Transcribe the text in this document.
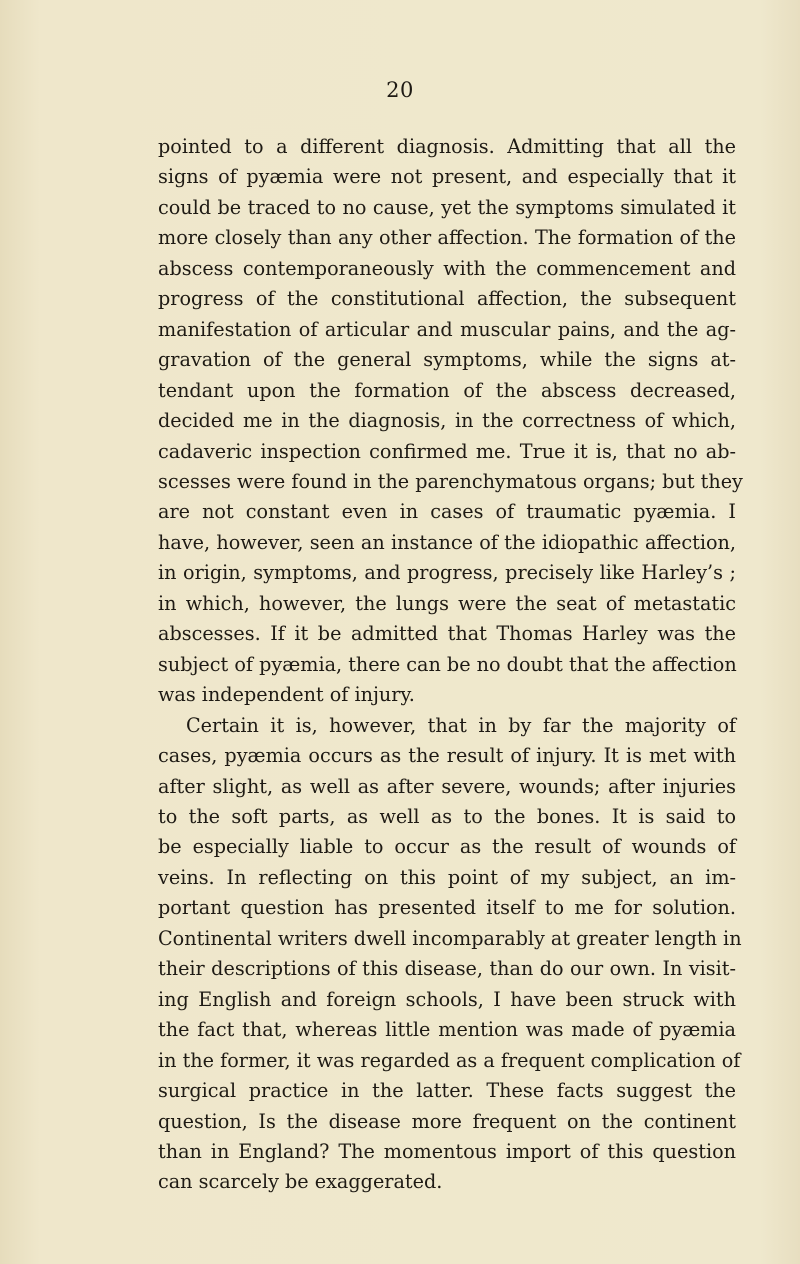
20
pointed to a different diagnosis. Admitting that all the
signs of pyæmia were not present, and especially that it
could be traced to no cause, yet the symptoms simulated it
more closely than any other affection. The formation of the
abscess contemporaneously with the commencement and
progress of the constitutional affection, the subsequent
manifestation of articular and muscular pains, and the ag-
gravation of the general symptoms, while the signs at-
tendant upon the formation of the abscess decreased,
decided me in the diagnosis, in the correctness of which,
cadaveric inspection confirmed me. True it is, that no ab-
scesses were found in the parenchymatous organs; but they
are not constant even in cases of traumatic pyæmia. I
have, however, seen an instance of the idiopathic affection,
in origin, symptoms, and progress, precisely like Harley’s ;
in which, however, the lungs were the seat of metastatic
abscesses. If it be admitted that Thomas Harley was the
subject of pyæmia, there can be no doubt that the affection
was independent of injury.
Certain it is, however, that in by far the majority of
cases, pyæmia occurs as the result of injury. It is met with
after slight, as well as after severe, wounds; after injuries
to the soft parts, as well as to the bones. It is said to
be especially liable to occur as the result of wounds of
veins. In reflecting on this point of my subject, an im-
portant question has presented itself to me for solution.
Continental writers dwell incomparably at greater length in
their descriptions of this disease, than do our own. In visit-
ing English and foreign schools, I have been struck with
the fact that, whereas little mention was made of pyæmia
in the former, it was regarded as a frequent complication of
surgical practice in the latter. These facts suggest the
question, Is the disease more frequent on the continent
than in England? The momentous import of this question
can scarcely be exaggerated.
